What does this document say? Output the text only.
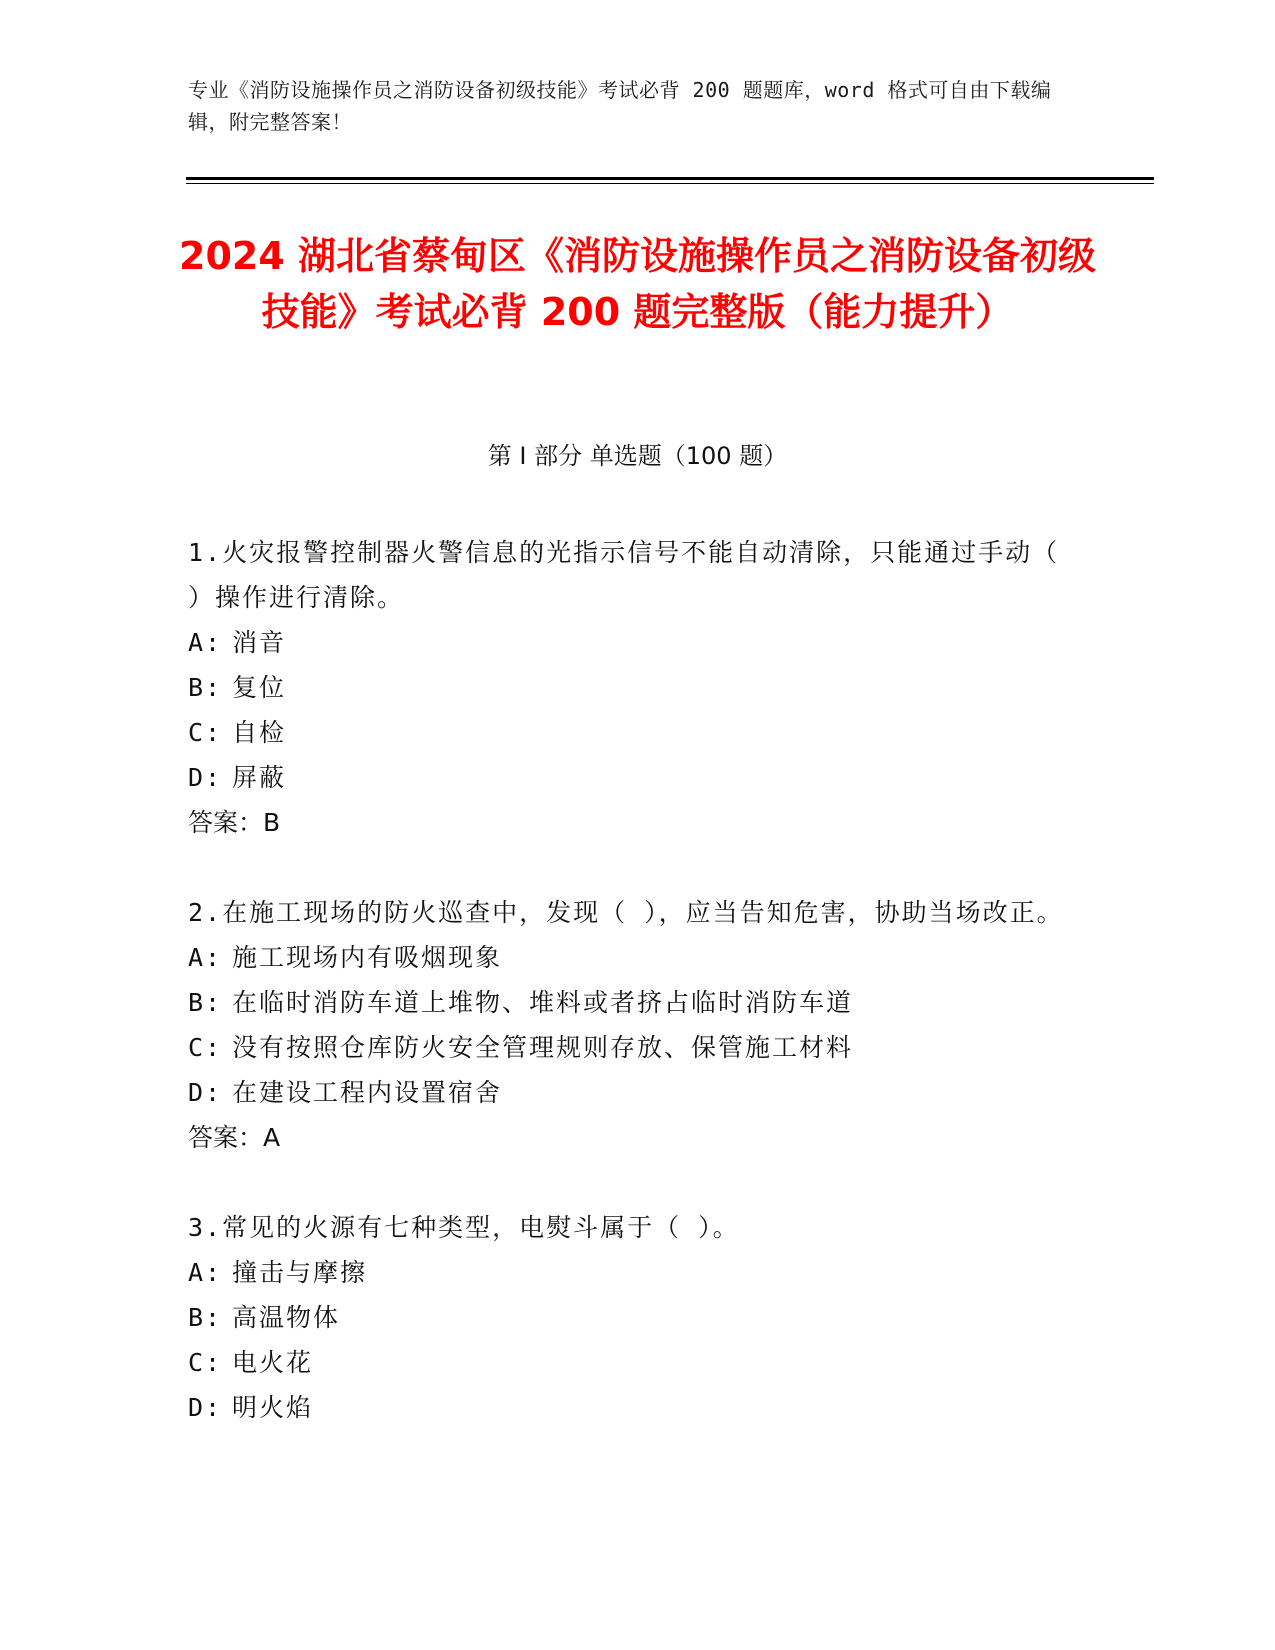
专业《消防设施操作员之消防设备初级技能》考试必背 200 题题库，word 格式可自由下载编辑，附完整答案！
2024 湖北省蔡甸区《消防设施操作员之消防设备初级技能》考试必背 200 题完整版（能力提升）
第 I 部分 单选题（100 题）

1.火灾报警控制器火警信息的光指示信号不能自动清除，只能通过手动（ ）操作进行清除。

A: 消音

B: 复位

C: 自检

D: 屏蔽

答案：B

2.在施工现场的防火巡查中，发现（ ），应当告知危害，协助当场改正。

A: 施工现场内有吸烟现象

B: 在临时消防车道上堆物、堆料或者挤占临时消防车道

C: 没有按照仓库防火安全管理规则存放、保管施工材料

D: 在建设工程内设置宿舍

答案：A

3.常见的火源有七种类型，电熨斗属于（ ）。

A: 撞击与摩擦

B: 高温物体

C: 电火花

D: 明火焰
